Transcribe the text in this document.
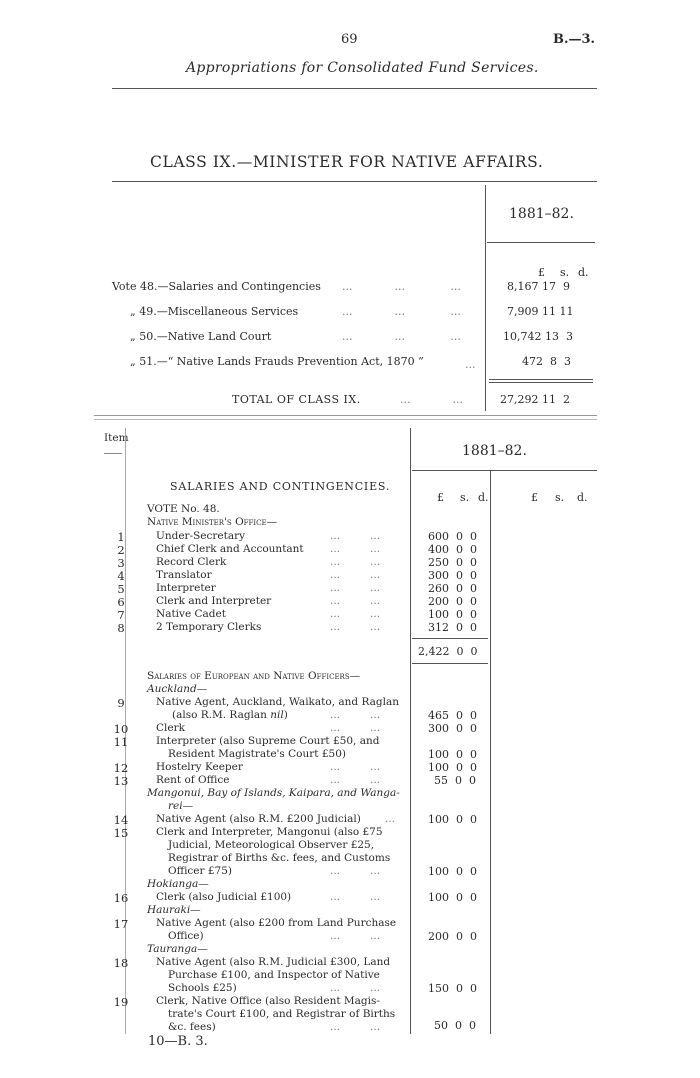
69	B.—3.
Appropriations for Consolidated Fund Services.
CLASS IX.—MINISTER FOR NATIVE AFFAIRS.
1881–82.
£ s. d.
Vote 48.—Salaries and Contingencies ...            ...             ...	8,167 17  9
„ 49.—Miscellaneous Services	...            ...             ...	7,909 11 11
„ 50.—Native Land Court	...            ...             ...	10,742 13  3
„ 51.—“ Native Lands Frauds Prevention Act, 1870 ”	...	472  8  3
TOTAL OF CLASS IX.	...            ...	27,292 11  2
Item
1881–82.
£ s. d.	£ s. d.
SALARIES AND CONTINGENCIES.
VOTE No. 48.
Native Minister's Office—
1	Under-Secretary	...         ...	600  0  0
2	Chief Clerk and Accountant	...         ...	400  0  0
3	Record Clerk	...         ...	250  0  0
4	Translator	...         ...	300  0  0
5	Interpreter	...         ...	260  0  0
6	Clerk and Interpreter	...         ...	200  0  0
7	Native Cadet	...         ...	100  0  0
8	2 Temporary Clerks	...         ...	312  0  0
2,422  0  0
Salaries of European and Native Officers—
Auckland—
9	Native Agent, Auckland, Waikato, and Raglan
(also R.M. Raglan nil)	...         ...	465  0  0
10	Clerk	...         ...	300  0  0
11	Interpreter (also Supreme Court £50, and
Resident Magistrate's Court £50)	100  0  0
12	Hostelry Keeper	...         ...	100  0  0
13	Rent of Office	...         ...	55  0  0
Mangonui, Bay of Islands, Kaipara, and Wanga-
rei—
14	Native Agent (also R.M. £200 Judicial) ...	100  0  0
15	Clerk and Interpreter, Mangonui (also £75
Judicial, Meteorological Observer £25,
Registrar of Births &c. fees, and Customs
Officer £75)	...         ...	100  0  0
Hokianga—
16	Clerk (also Judicial £100)	...         ...	100  0  0
Hauraki—
17	Native Agent (also £200 from Land Purchase
Office)	...         ...	200  0  0
Tauranga—
18	Native Agent (also R.M. Judicial £300, Land
Purchase £100, and Inspector of Native
Schools £25)	...         ...	150  0  0
19	Clerk, Native Office (also Resident Magis-
trate's Court £100, and Registrar of Births
&c. fees)	...         ...	50  0  0
10—B. 3.
